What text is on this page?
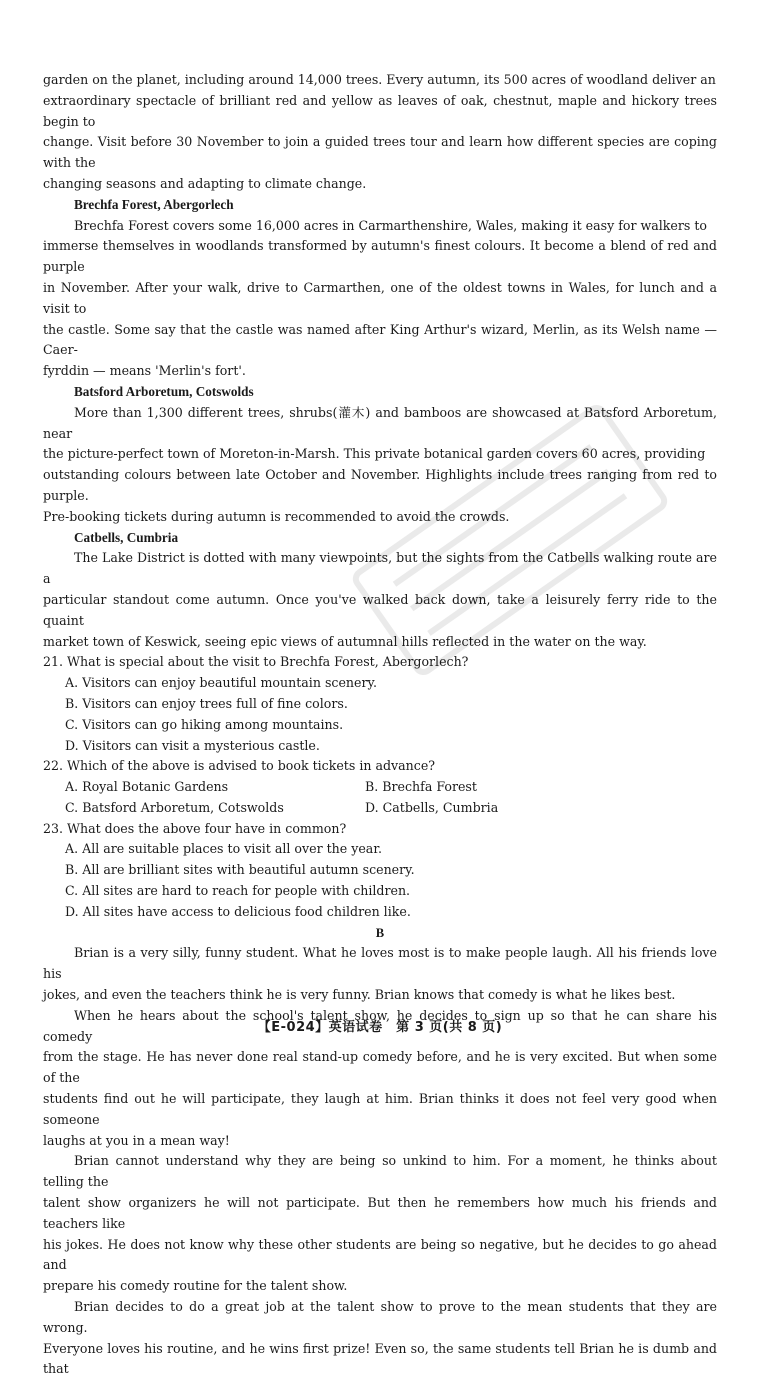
garden on the planet, including around 14,000 trees. Every autumn, its 500 acres of woodland deliver an

extraordinary spectacle of brilliant red and yellow as leaves of oak, chestnut, maple and hickory trees begin to

change. Visit before 30 November to join a guided trees tour and learn how different species are coping with the

changing seasons and adapting to climate change.

Brechfa Forest, Abergorlech

Brechfa Forest covers some 16,000 acres in Carmarthenshire, Wales, making it easy for walkers to

immerse themselves in woodlands transformed by autumn's finest colours. It become a blend of red and purple

in November. After your walk, drive to Carmarthen, one of the oldest towns in Wales, for lunch and a visit to

the castle. Some say that the castle was named after King Arthur's wizard, Merlin, as its Welsh name — Caer-

fyrddin — means 'Merlin's fort'.

Batsford Arboretum, Cotswolds

More than 1,300 different trees, shrubs(灌木) and bamboos are showcased at Batsford Arboretum, near

the picture-perfect town of Moreton-in-Marsh. This private botanical garden covers 60 acres, providing

outstanding colours between late October and November. Highlights include trees ranging from red to purple.

Pre-booking tickets during autumn is recommended to avoid the crowds.

Catbells, Cumbria

The Lake District is dotted with many viewpoints, but the sights from the Catbells walking route are a

particular standout come autumn. Once you've walked back down, take a leisurely ferry ride to the quaint

market town of Keswick, seeing epic views of autumnal hills reflected in the water on the way.

21. What is special about the visit to Brechfa Forest, Abergorlech?

A. Visitors can enjoy beautiful mountain scenery.

B. Visitors can enjoy trees full of fine colors.

C. Visitors can go hiking among mountains.

D. Visitors can visit a mysterious castle.

22. Which of the above is advised to book tickets in advance?

A. Royal Botanic Gardens	B. Brechfa Forest
C. Batsford Arboretum, Cotswolds	D. Catbells, Cumbria

23. What does the above four have in common?

A. All are suitable places to visit all over the year.

B. All are brilliant sites with beautiful autumn scenery.

C. All sites are hard to reach for people with children.

D. All sites have access to delicious food children like.

B

Brian is a very silly, funny student. What he loves most is to make people laugh. All his friends love his

jokes, and even the teachers think he is very funny. Brian knows that comedy is what he likes best.

When he hears about the school's talent show, he decides to sign up so that he can share his comedy

from the stage. He has never done real stand-up comedy before, and he is very excited. But when some of the

students find out he will participate, they laugh at him. Brian thinks it does not feel very good when someone

laughs at you in a mean way!

Brian cannot understand why they are being so unkind to him. For a moment, he thinks about telling the

talent show organizers he will not participate. But then he remembers how much his friends and teachers like

his jokes. He does not know why these other students are being so negative, but he decides to go ahead and

prepare his comedy routine for the talent show.

Brian decides to do a great job at the talent show to prove to the mean students that they are wrong.

Everyone loves his routine, and he wins first prize! Even so, the same students tell Brian he is dumb and that

【E-024】英语试卷　第 3 页(共 8 页)
